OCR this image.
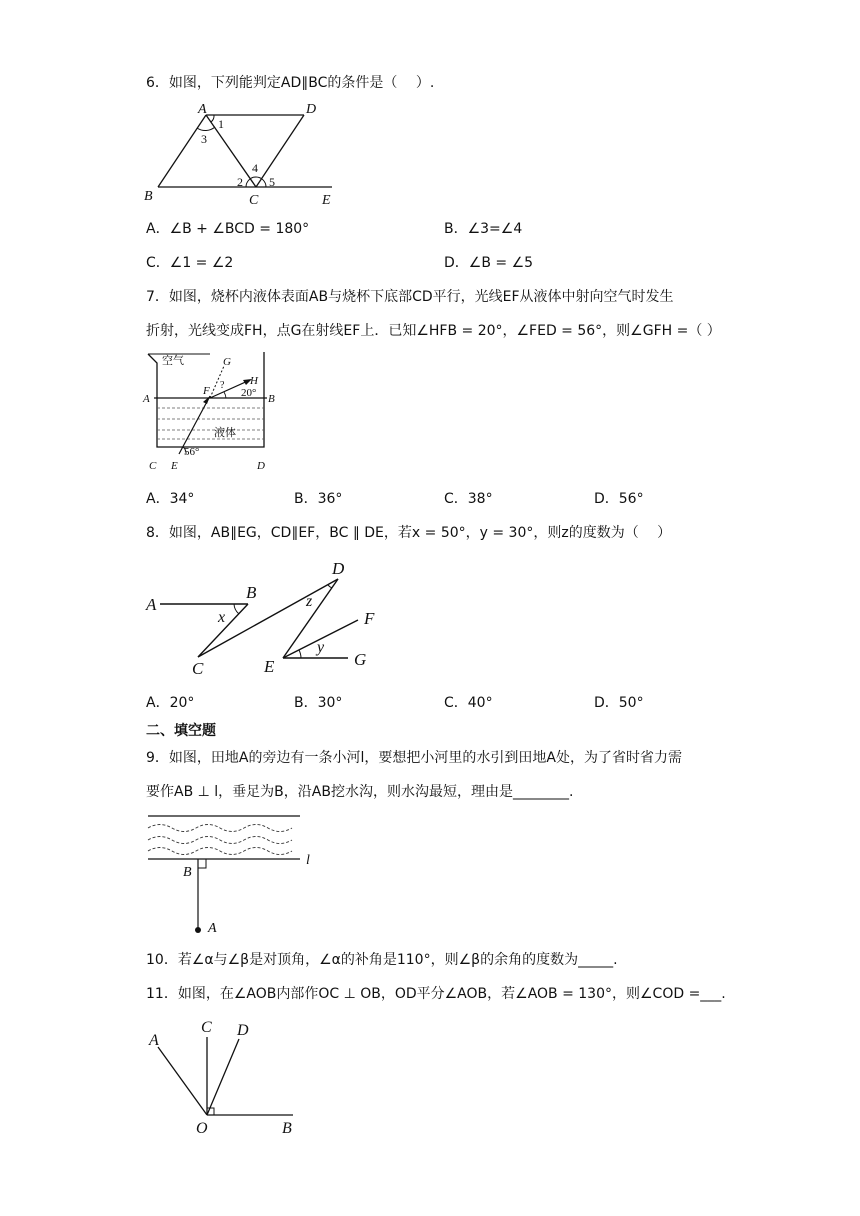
6．如图，下列能判定AD∥BC的条件是（　 ）.
A	D
B	C	E
1
3
2
4
5
A．∠B + ∠BCD = 180°	B．∠3=∠4
C．∠1 = ∠2	D．∠B = ∠5
7．如图，烧杯内液体表面AB与烧杯下底部CD平行，光线EF从液体中射向空气时发生
折射，光线变成FH，点G在射线EF上．已知∠HFB = 20°，∠FED = 56°，则∠GFH =（ ）
空气
液体
A	B
C	D
E
F
G
H
?
20°
56°
A．34°	B．36°	C．38°	D．56°
8．如图，AB∥EG，CD∥EF，BC ∥ DE，若x = 50°，y = 30°，则z的度数为（　 ）
A
B
C
D
E
F
G
x
y
z
A．20°	B．30°	C．40°	D．50°
二、填空题
9．如图，田地A的旁边有一条小河l，要想把小河里的水引到田地A处，为了省时省力需
要作AB ⊥ l，垂足为B，沿AB挖水沟，则水沟最短，理由是________.
B
A
l
10．若∠α与∠β是对顶角，∠α的补角是110°，则∠β的余角的度数为_____.
11．如图，在∠AOB内部作OC ⊥ OB，OD平分∠AOB，若∠AOB = 130°，则∠COD =___.
A
C D
O	B
